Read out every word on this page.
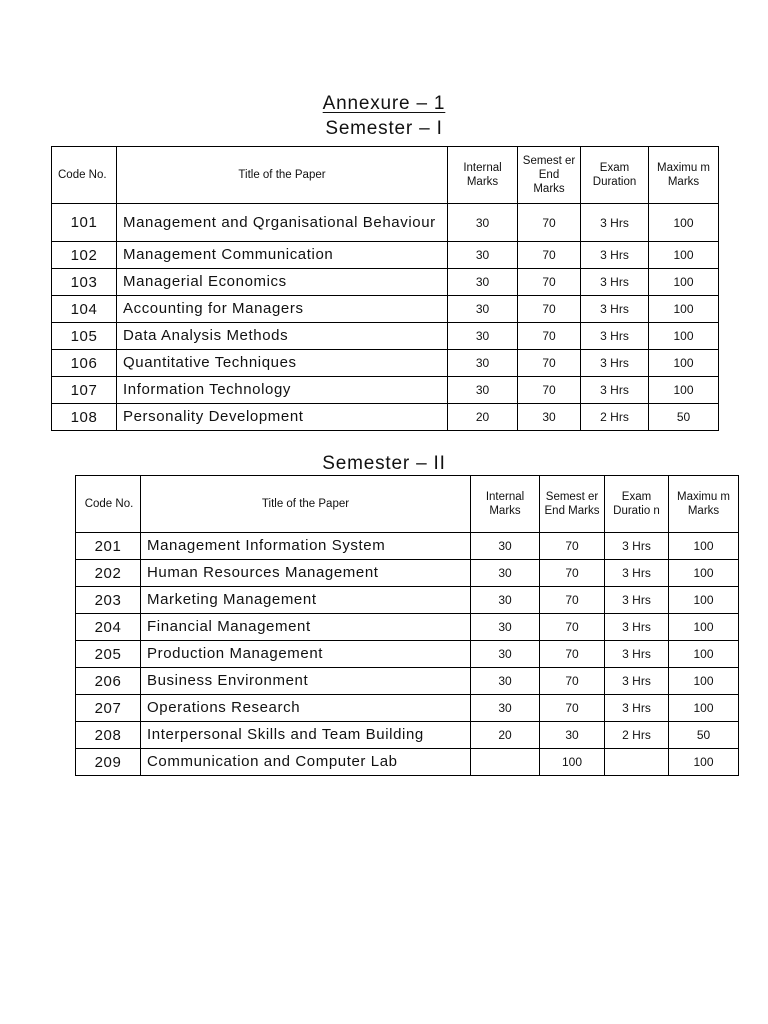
Annexure – 1
Semester – I
Code No.	Title of the Paper	Internal Marks	Semest er End Marks	Exam Duration	Maximu m Marks
101	Management and Qrganisational Behaviour	30	70	3 Hrs	100
102	Management Communication	30	70	3 Hrs	100
103	Managerial Economics	30	70	3 Hrs	100
104	Accounting for Managers	30	70	3 Hrs	100
105	Data Analysis Methods	30	70	3 Hrs	100
106	Quantitative Techniques	30	70	3 Hrs	100
107	Information Technology	30	70	3 Hrs	100
108	Personality Development	20	30	2 Hrs	50
Semester – II
Code No.	Title of the Paper	Internal Marks	Semest er End Marks	Exam Duratio n	Maximu m Marks
201	Management Information System	30	70	3 Hrs	100
202	Human Resources Management	30	70	3 Hrs	100
203	Marketing Management	30	70	3 Hrs	100
204	Financial Management	30	70	3 Hrs	100
205	Production Management	30	70	3 Hrs	100
206	Business Environment	30	70	3 Hrs	100
207	Operations Research	30	70	3 Hrs	100
208	Interpersonal Skills and Team Building	20	30	2 Hrs	50
209	Communication and Computer Lab		100		100
